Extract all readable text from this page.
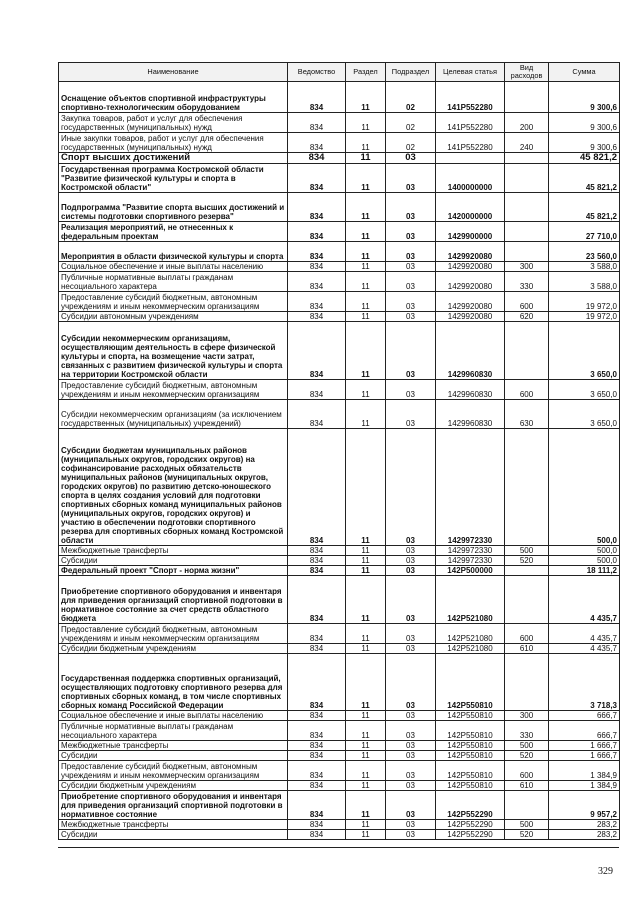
Наименование	Ведомство	Раздел	Подраздел	Целевая статья	Вид расходов	Сумма
Оснащение объектов спортивной инфраструктуры спортивно-технологическим оборудованием	834	11	02	141P552280		9 300,6
Закупка товаров, работ и услуг для обеспечения государственных (муниципальных) нужд	834	11	02	141P552280	200	9 300,6
Иные закупки товаров, работ и услуг для обеспечения государственных (муниципальных) нужд	834	11	02	141P552280	240	9 300,6
Спорт высших достижений	834	11	03			45 821,2
Государственная программа Костромской области "Развитие физической культуры и спорта в Костромской области"	834	11	03	1400000000		45 821,2
Подпрограмма "Развитие спорта высших достижений и системы подготовки спортивного резерва"	834	11	03	1420000000		45 821,2
Реализация мероприятий, не отнесенных к федеральным проектам	834	11	03	1429900000		27 710,0
Мероприятия в области физической культуры и спорта	834	11	03	1429920080		23 560,0
Социальное обеспечение и иные выплаты населению	834	11	03	1429920080	300	3 588,0
Публичные нормативные выплаты гражданам несоциального характера	834	11	03	1429920080	330	3 588,0
Предоставление субсидий бюджетным, автономным учреждениям и иным некоммерческим организациям	834	11	03	1429920080	600	19 972,0
Субсидии автономным учреждениям	834	11	03	1429920080	620	19 972,0
Субсидии некоммерческим организациям, осуществляющим деятельность в сфере физической культуры и спорта, на возмещение части затрат, связанных с развитием физической культуры и спорта на территории Костромской области	834	11	03	1429960830		3 650,0
Предоставление субсидий бюджетным, автономным учреждениям и иным некоммерческим организациям	834	11	03	1429960830	600	3 650,0
Субсидии некоммерческим организациям (за исключением государственных (муниципальных) учреждений)	834	11	03	1429960830	630	3 650,0
Субсидии бюджетам муниципальных районов (муниципальных округов, городских округов) на софинансирование расходных обязательств муниципальных районов (муниципальных округов, городских округов) по развитию детско-юношеского спорта в целях создания условий для подготовки спортивных сборных команд муниципальных районов (муниципальных округов, городских округов) и участию в обеспечении подготовки спортивного резерва для спортивных сборных команд Костромской области	834	11	03	1429972330		500,0
Межбюджетные трансферты	834	11	03	1429972330	500	500,0
Субсидии	834	11	03	1429972330	520	500,0
Федеральный проект "Спорт - норма жизни"	834	11	03	142P500000		18 111,2
Приобретение спортивного оборудования и инвентаря для приведения организаций спортивной подготовки в нормативное состояние за счет средств областного бюджета	834	11	03	142P521080		4 435,7
Предоставление субсидий бюджетным, автономным учреждениям и иным некоммерческим организациям	834	11	03	142P521080	600	4 435,7
Субсидии бюджетным учреждениям	834	11	03	142P521080	610	4 435,7
Государственная поддержка спортивных организаций, осуществляющих подготовку спортивного резерва для спортивных сборных команд, в том числе спортивных сборных команд Российской Федерации	834	11	03	142P550810		3 718,3
Социальное обеспечение и иные выплаты населению	834	11	03	142P550810	300	666,7
Публичные нормативные выплаты гражданам несоциального характера	834	11	03	142P550810	330	666,7
Межбюджетные трансферты	834	11	03	142P550810	500	1 666,7
Субсидии	834	11	03	142P550810	520	1 666,7
Предоставление субсидий бюджетным, автономным учреждениям и иным некоммерческим организациям	834	11	03	142P550810	600	1 384,9
Субсидии бюджетным учреждениям	834	11	03	142P550810	610	1 384,9
Приобретение спортивного оборудования и инвентаря для приведения организаций спортивной подготовки в нормативное состояние	834	11	03	142P552290		9 957,2
Межбюджетные трансферты	834	11	03	142P552290	500	283,2
Субсидии	834	11	03	142P552290	520	283,2
329
